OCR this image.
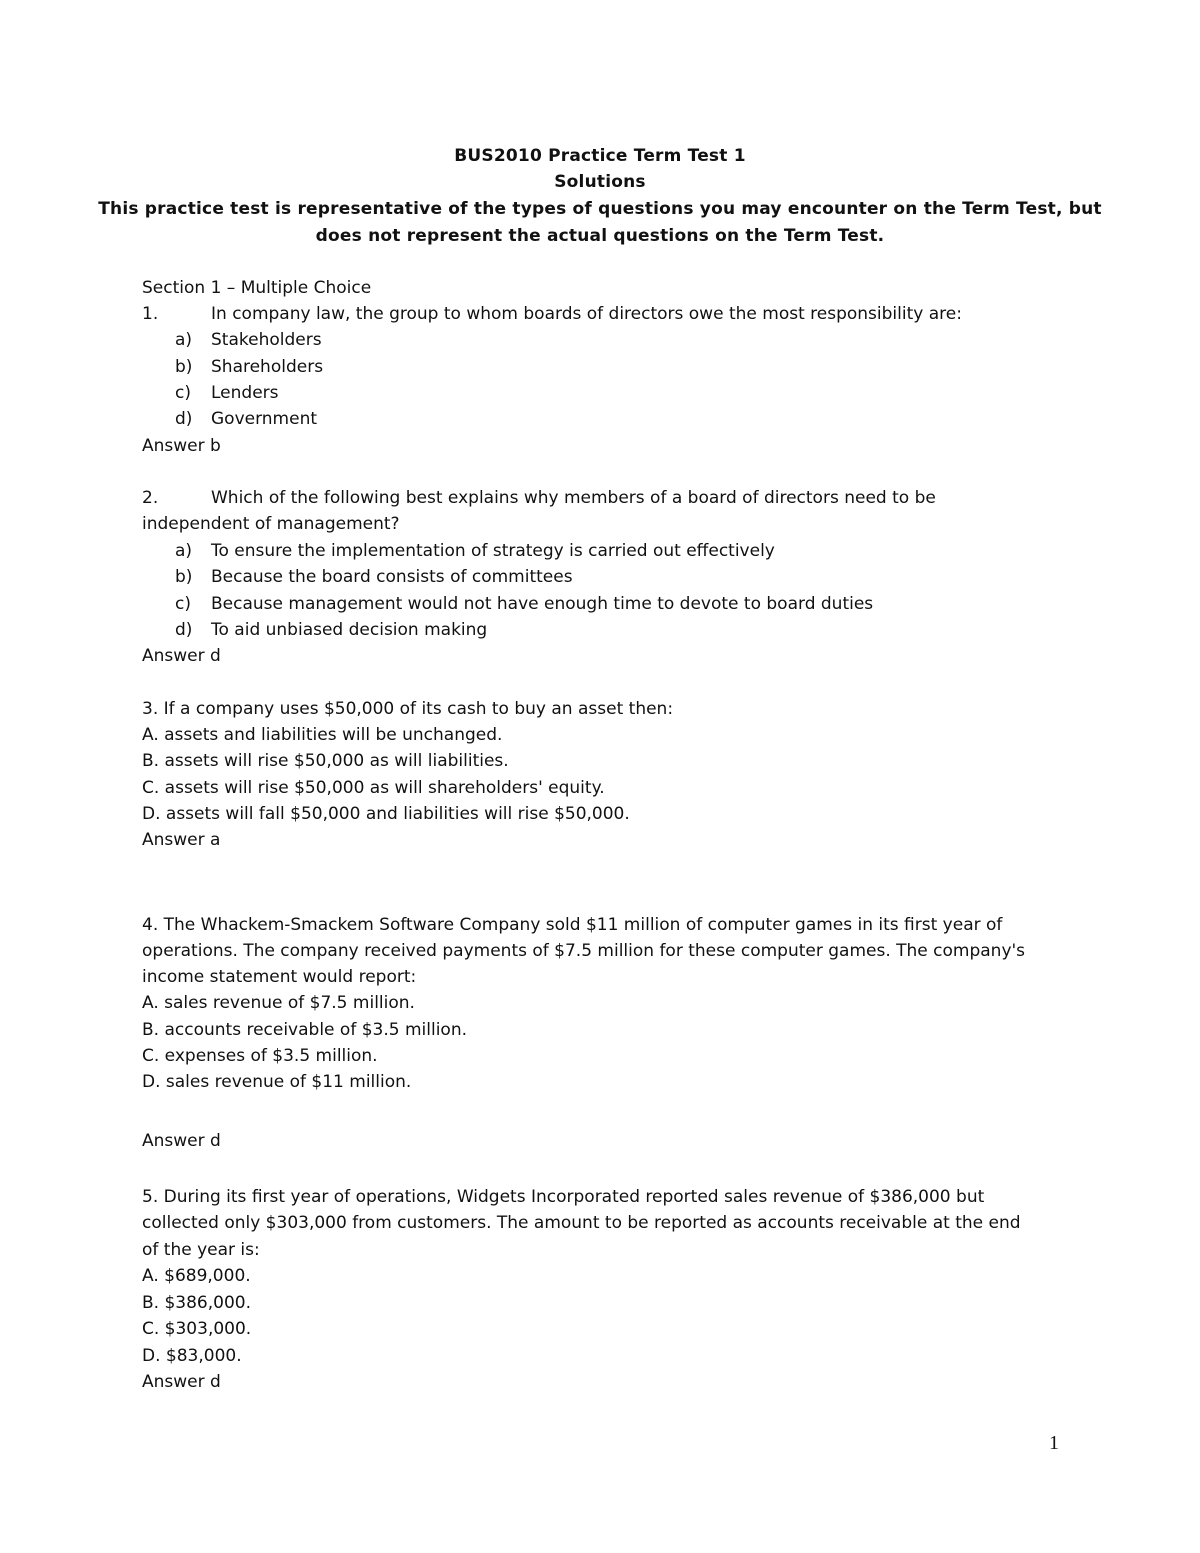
BUS2010 Practice Term Test 1
Solutions
This practice test is representative of the types of questions you may encounter on the Term Test, but
does not represent the actual questions on the Term Test.
Section 1 – Multiple Choice
1.	In company law, the group to whom boards of directors owe the most responsibility are:
a) Stakeholders
b) Shareholders
c) Lenders
d) Government
Answer b
2.	Which of the following best explains why members of a board of directors need to be
independent of management?
a) To ensure the implementation of strategy is carried out effectively
b) Because the board consists of committees
c) Because management would not have enough time to devote to board duties
d) To aid unbiased decision making
Answer d
3. If a company uses $50,000 of its cash to buy an asset then:
A. assets and liabilities will be unchanged.
B. assets will rise $50,000 as will liabilities.
C. assets will rise $50,000 as will shareholders' equity.
D. assets will fall $50,000 and liabilities will rise $50,000.
Answer a
4. The Whackem-Smackem Software Company sold $11 million of computer games in its first year of
operations. The company received payments of $7.5 million for these computer games. The company's
income statement would report:
A. sales revenue of $7.5 million.
B. accounts receivable of $3.5 million.
C. expenses of $3.5 million.
D. sales revenue of $11 million.
Answer d
5. During its first year of operations, Widgets Incorporated reported sales revenue of $386,000 but
collected only $303,000 from customers. The amount to be reported as accounts receivable at the end
of the year is:
A. $689,000.
B. $386,000.
C. $303,000.
D. $83,000.
Answer d
1
